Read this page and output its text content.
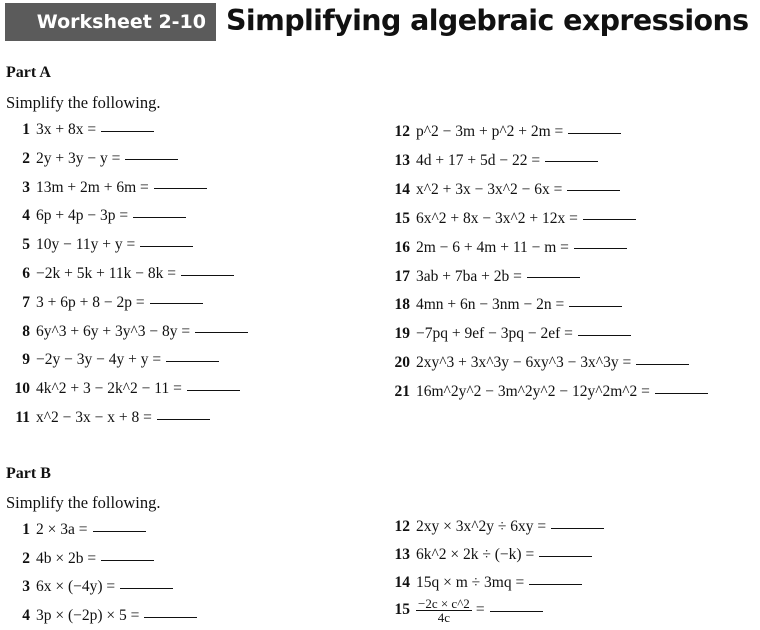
Worksheet 2-10 Simplifying algebraic expressions
Part A
Simplify the following.
Part B
Simplify the following.
1 3x + 8x =
2 2y + 3y − y =
3 13m + 2m + 6m =
4 6p + 4p − 3p =
5 10y − 11y + y =
6 −2k + 5k + 11k − 8k =
7 3 + 6p + 8 − 2p =
8 6y^3 + 6y + 3y^3 − 8y =
9 −2y − 3y − 4y + y =
10 4k^2 + 3 − 2k^2 − 11 =
11 x^2 − 3x − x + 8 =
12 p^2 − 3m + p^2 + 2m =
13 4d + 17 + 5d − 22 =
14 x^2 + 3x − 3x^2 − 6x =
15 6x^2 + 8x − 3x^2 + 12x =
16 2m − 6 + 4m + 11 − m =
17 3ab + 7ba + 2b =
18 4mn + 6n − 3nm − 2n =
19 −7pq + 9ef − 3pq − 2ef =
20 2xy^3 + 3x^3y − 6xy^3 − 3x^3y =
21 16m^2y^2 − 3m^2y^2 − 12y^2m^2 =
1 2 × 3a =
2 4b × 2b =
3 6x × (−4y) =
4 3p × (−2p) × 5 =
12 2xy × 3x^2y ÷ 6xy =
13 6k^2 × 2k ÷ (−k) =
14 15q × m ÷ 3mq =
$15 \frac{-2c \times c\^{}2}{4c}$ =
